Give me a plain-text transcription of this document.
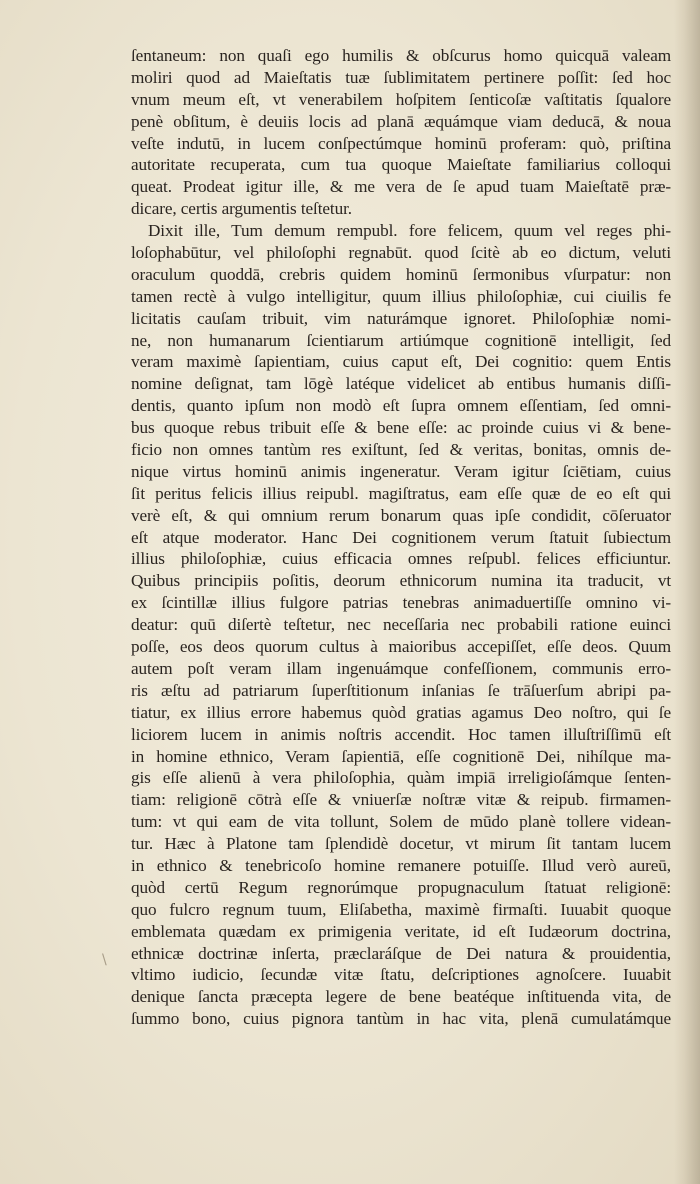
ſentaneum: non quaſi ego humilis & obſcurus homo quicquā valeam
moliri quod ad Maieſtatis tuæ ſublimitatem pertinere poſſit: ſed hoc
vnum meum eſt, vt venerabilem hoſpitem ſenticoſæ vaſtitatis ſqualore
penè obſitum, è deuiis locis ad planā æquámque viam deducā, & noua
veſte indutū, in lucem conſpectúmque hominū proferam: quò, priſtina
autoritate recuperata, cum tua quoque Maieſtate familiarius colloqui
queat. Prodeat igitur ille, & me vera de ſe apud tuam Maieſtatē præ-
dicare, certis argumentis teſtetur.
Dixit ille, Tum demum rempubl. fore felicem, quum vel reges phi-
loſophabūtur, vel philoſophi regnabūt. quod ſcitè ab eo dictum, veluti
oraculum quoddā, crebris quidem hominū ſermonibus vſurpatur: non
tamen rectè à vulgo intelligitur, quum illius philoſophiæ, cui ciuilis fe
licitatis cauſam tribuit, vim naturámque ignoret. Philoſophiæ nomi-
ne, non humanarum ſcientiarum artiúmque cognitionē intelligit, ſed
veram maximè ſapientiam, cuius caput eſt, Dei cognitio: quem Entis
nomine deſignat, tam lōgè latéque videlicet ab entibus humanis diſſi-
dentis, quanto ipſum non modò eſt ſupra omnem eſſentiam, ſed omni-
bus quoque rebus tribuit eſſe & bene eſſe: ac proinde cuius vi & bene-
ficio non omnes tantùm res exiſtunt, ſed & veritas, bonitas, omnis de-
nique virtus hominū animis ingeneratur. Veram igitur ſciētiam, cuius
ſit peritus felicis illius reipubl. magiſtratus, eam eſſe quæ de eo eſt qui
verè eſt, & qui omnium rerum bonarum quas ipſe condidit, cōſeruator
eſt atque moderator. Hanc Dei cognitionem verum ſtatuit ſubiectum
illius philoſophiæ, cuius efficacia omnes reſpubl. felices efficiuntur.
Quibus principiis poſitis, deorum ethnicorum numina ita traducit, vt
ex ſcintillæ illius fulgore patrias tenebras animaduertiſſe omnino vi-
deatur: quū diſertè teſtetur, nec neceſſaria nec probabili ratione euinci
poſſe, eos deos quorum cultus à maioribus accepiſſet, eſſe deos. Quum
autem poſt veram illam ingenuámque confeſſionem, communis erro-
ris æſtu ad patriarum ſuperſtitionum inſanias ſe trāſuerſum abripi pa-
tiatur, ex illius errore habemus quòd gratias agamus Deo noſtro, qui ſe
liciorem lucem in animis noſtris accendit. Hoc tamen illuſtriſſimū eſt
in homine ethnico, Veram ſapientiā, eſſe cognitionē Dei, nihílque ma-
gis eſſe alienū à vera philoſophia, quàm impiā irreligioſámque ſenten-
tiam: religionē cōtrà eſſe & vniuerſæ noſtræ vitæ & reipub. firmamen-
tum: vt qui eam de vita tollunt, Solem de mūdo planè tollere videan-
tur. Hæc à Platone tam ſplendidè docetur, vt mirum ſit tantam lucem
in ethnico & tenebricoſo homine remanere potuiſſe. Illud verò aureū,
quòd certū Regum regnorúmque propugnaculum ſtatuat religionē:
quo fulcro regnum tuum, Eliſabetha, maximè firmaſti. Iuuabit quoque
emblemata quædam ex primigenia veritate, id eſt Iudæorum doctrina,
ethnicæ doctrinæ inſerta, præclaráſque de Dei natura & prouidentia,
vltimo iudicio, ſecundæ vitæ ſtatu, deſcriptiones agnoſcere. Iuuabit
denique ſancta præcepta legere de bene beatéque inſtituenda vita, de
ſummo bono, cuius pignora tantùm in hac vita, plenā cumulatámque
\
